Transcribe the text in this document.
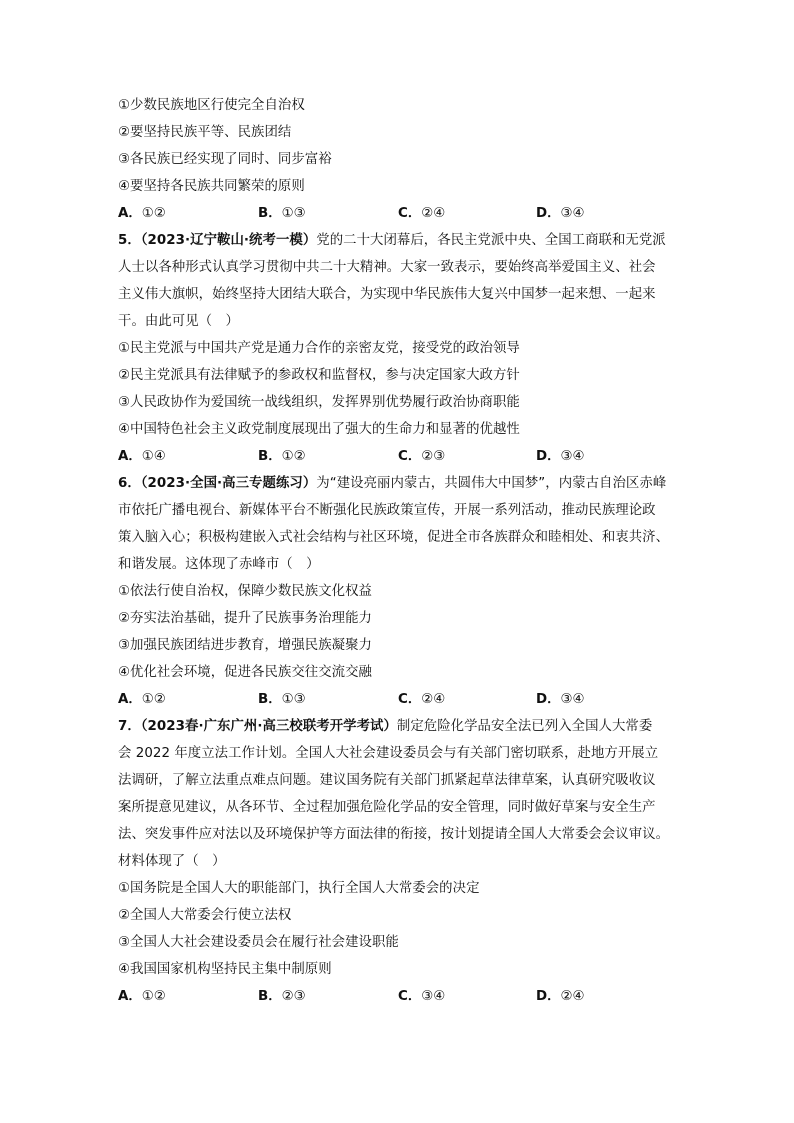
①少数民族地区行使完全自治权
②要坚持民族平等、民族团结
③各民族已经实现了同时、同步富裕
④要坚持各民族共同繁荣的原则
A．①②	B．①③	C．②④	D．③④
5．（2023·辽宁鞍山·统考一模）党的二十大闭幕后，各民主党派中央、全国工商联和无党派
人士以各种形式认真学习贯彻中共二十大精神。大家一致表示，要始终高举爱国主义、社会
主义伟大旗帜，始终坚持大团结大联合，为实现中华民族伟大复兴中国梦一起来想、一起来
干。由此可见（　）
①民主党派与中国共产党是通力合作的亲密友党，接受党的政治领导
②民主党派具有法律赋予的参政权和监督权，参与决定国家大政方针
③人民政协作为爱国统一战线组织，发挥界别优势履行政治协商职能
④中国特色社会主义政党制度展现出了强大的生命力和显著的优越性
A．①④	B．①②	C．②③	D．③④
6．（2023·全国·高三专题练习）为“建设亮丽内蒙古，共圆伟大中国梦”，内蒙古自治区赤峰
市依托广播电视台、新媒体平台不断强化民族政策宣传，开展一系列活动，推动民族理论政
策入脑入心；积极构建嵌入式社会结构与社区环境，促进全市各族群众和睦相处、和衷共济、
和谐发展。这体现了赤峰市（　）
①依法行使自治权，保障少数民族文化权益
②夯实法治基础，提升了民族事务治理能力
③加强民族团结进步教育，增强民族凝聚力
④优化社会环境，促进各民族交往交流交融
A．①②	B．①③	C．②④	D．③④
7．（2023春·广东广州·高三校联考开学考试）制定危险化学品安全法已列入全国人大常委
会 2022 年度立法工作计划。全国人大社会建设委员会与有关部门密切联系，赴地方开展立
法调研，了解立法重点难点问题。建议国务院有关部门抓紧起草法律草案，认真研究吸收议
案所提意见建议，从各环节、全过程加强危险化学品的安全管理，同时做好草案与安全生产
法、突发事件应对法以及环境保护等方面法律的衔接，按计划提请全国人大常委会会议审议。
材料体现了（　）
①国务院是全国人大的职能部门，执行全国人大常委会的决定
②全国人大常委会行使立法权
③全国人大社会建设委员会在履行社会建设职能
④我国国家机构坚持民主集中制原则
A．①②	B．②③	C．③④	D．②④
